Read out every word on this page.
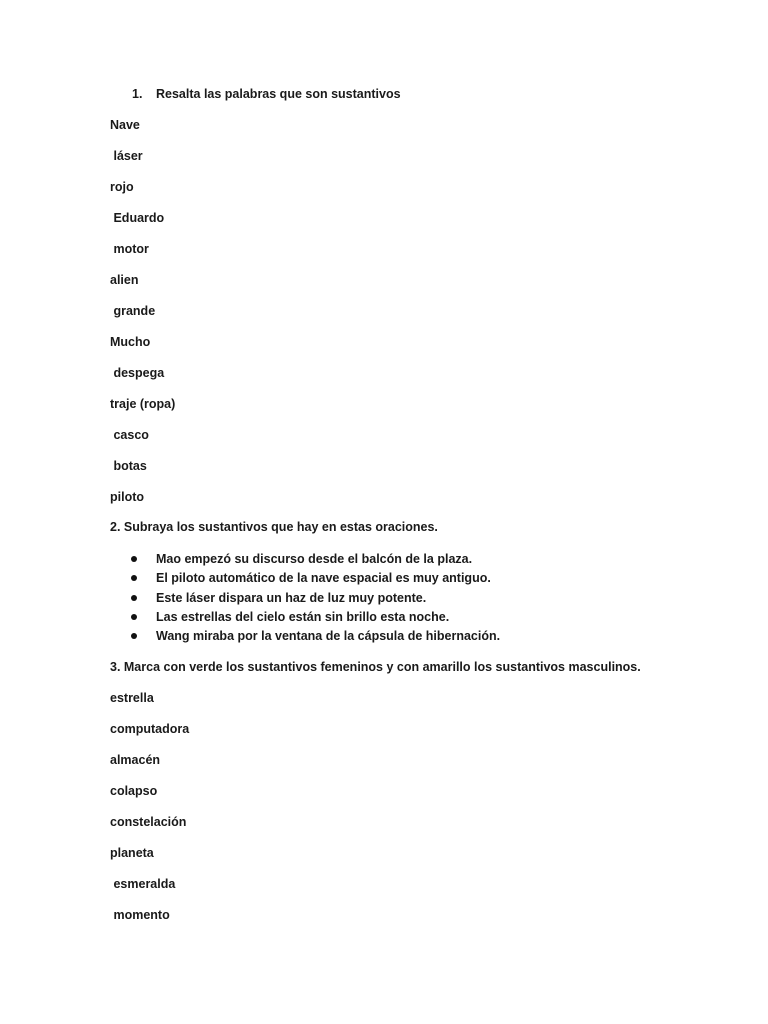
1. Resalta las palabras que son sustantivos
Nave
láser
rojo
Eduardo
motor
alien
grande
Mucho
despega
traje (ropa)
casco
botas
piloto
2. Subraya los sustantivos que hay en estas oraciones.
Mao empezó su discurso desde el balcón de la plaza.
El piloto automático de la nave espacial es muy antiguo.
Este láser dispara un haz de luz muy potente.
Las estrellas del cielo están sin brillo esta noche.
Wang miraba por la ventana de la cápsula de hibernación.
3. Marca con verde los sustantivos femeninos y con amarillo los sustantivos masculinos.
estrella
computadora
almacén
colapso
constelación
planeta
esmeralda
momento
